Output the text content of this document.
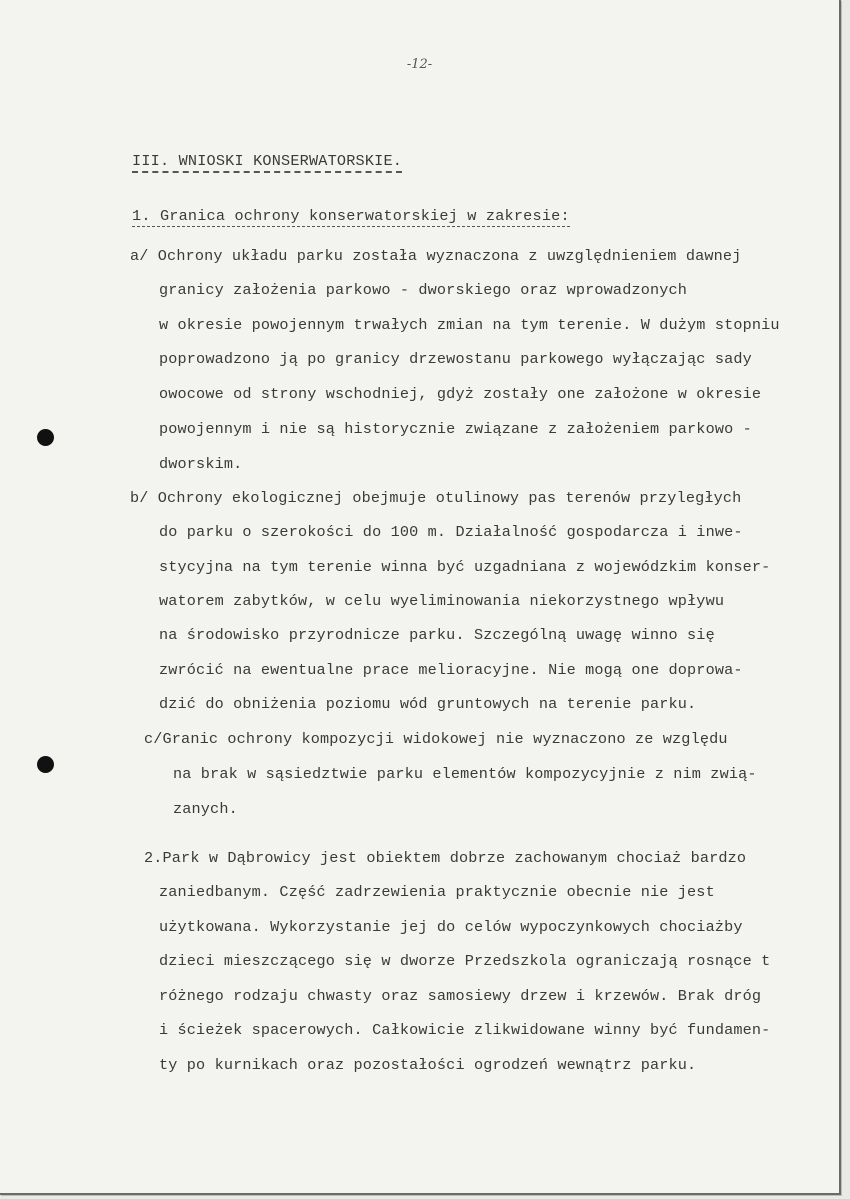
-12-
III. WNIOSKI KONSERWATORSKIE.
1. Granica ochrony konserwatorskiej w zakresie:
a/ Ochrony układu parku została wyznaczona z uwzględnieniem dawnej
granicy założenia parkowo - dworskiego oraz wprowadzonych
w okresie powojennym trwałych zmian na tym terenie. W dużym stopniu
poprowadzono ją po granicy drzewostanu parkowego wyłączając sady
owocowe od strony wschodniej, gdyż zostały one założone w okresie
powojennym i nie są historycznie związane z założeniem parkowo -
dworskim.
b/ Ochrony ekologicznej obejmuje otulinowy pas terenów przyległych
do parku o szerokości do 100 m. Działalność gospodarcza i inwe-
stycyjna na tym terenie winna być uzgadniana z wojewódzkim konser-
watorem zabytków, w celu wyeliminowania niekorzystnego wpływu
na środowisko przyrodnicze parku. Szczególną uwagę winno się
zwrócić na ewentualne prace melioracyjne. Nie mogą one doprowa-
dzić do obniżenia poziomu wód gruntowych na terenie parku.
c/Granic ochrony kompozycji widokowej nie wyznaczono ze względu
na brak w sąsiedztwie parku elementów kompozycyjnie z nim zwią-
zanych.
2.Park w Dąbrowicy jest obiektem dobrze zachowanym chociaż bardzo
zaniedbanym. Część zadrzewienia praktycznie obecnie nie jest
użytkowana. Wykorzystanie jej do celów wypoczynkowych chociażby
dzieci mieszczącego się w dworze Przedszkola ograniczają rosnące t
różnego rodzaju chwasty oraz samosiewy drzew i krzewów. Brak dróg
i ścieżek spacerowych. Całkowicie zlikwidowane winny być fundamen-
ty po kurnikach oraz pozostałości ogrodzeń wewnątrz parku.
